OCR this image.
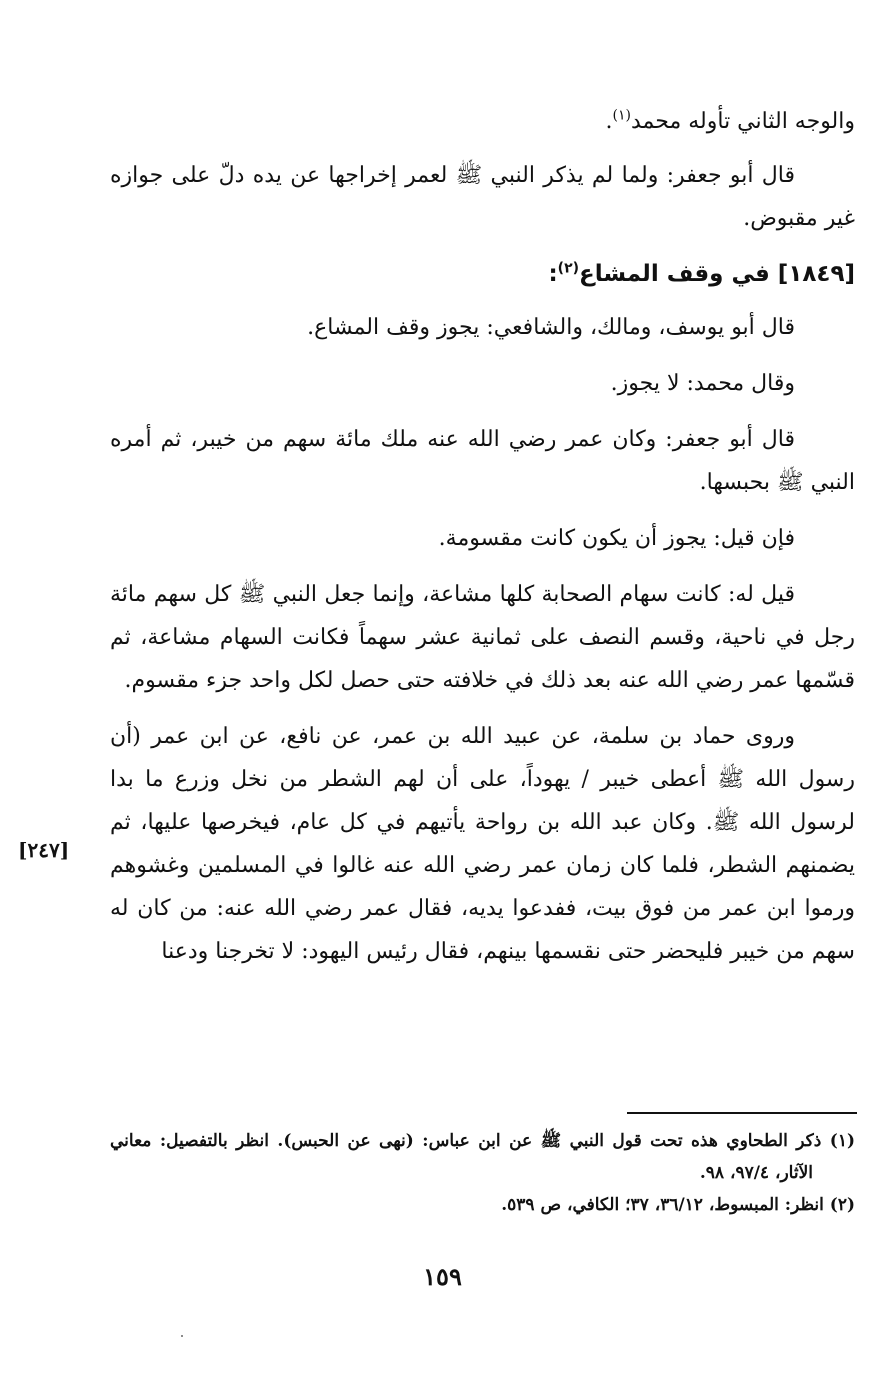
والوجه الثاني تأوله محمد$^{(١)}$.

قال أبو جعفر: ولما لم يذكر النبي ﷺ لعمر إخراجها عن يده دلّ على جوازه غير مقبوض.

[١٨٤٩] في وقف المشاع$^{(٢)}$:

قال أبو يوسف، ومالك، والشافعي: يجوز وقف المشاع.

وقال محمد: لا يجوز.

قال أبو جعفر: وكان عمر رضي الله عنه ملك مائة سهم من خيبر، ثم أمره النبي ﷺ بحبسها.

فإن قيل: يجوز أن يكون كانت مقسومة.

قيل له: كانت سهام الصحابة كلها مشاعة، وإنما جعل النبي ﷺ كل سهم مائة رجل في ناحية، وقسم النصف على ثمانية عشر سهماً فكانت السهام مشاعة، ثم قسّمها عمر رضي الله عنه بعد ذلك في خلافته حتى حصل لكل واحد جزء مقسوم.

وروى حماد بن سلمة، عن عبيد الله بن عمر، عن نافع، عن ابن عمر (أن رسول الله ﷺ أعطى خيبر / يهوداً، على أن لهم الشطر من نخل وزرع ما بدا لرسول الله ﷺ. وكان عبد الله بن رواحة يأتيهم في كل عام، فيخرصها عليها، ثم يضمنهم الشطر، فلما كان زمان عمر رضي الله عنه غالوا في المسلمين وغشوهم ورموا ابن عمر من فوق بيت، ففدعوا يديه، فقال عمر رضي الله عنه: من كان له سهم من خيبر فليحضر حتى نقسمها بينهم، فقال رئيس اليهود: لا تخرجنا ودعنا

[٢٤٧]

(١) ذكر الطحاوي هذه تحت قول النبي ﷺ عن ابن عباس: (نهى عن الحبس). انظر بالتفصيل: معاني الآثار، ٩٧/٤، ٩٨.

(٢) انظر: المبسوط، ٣٦/١٢، ٣٧؛ الكافي، ص ٥٣٩.

١٥٩
